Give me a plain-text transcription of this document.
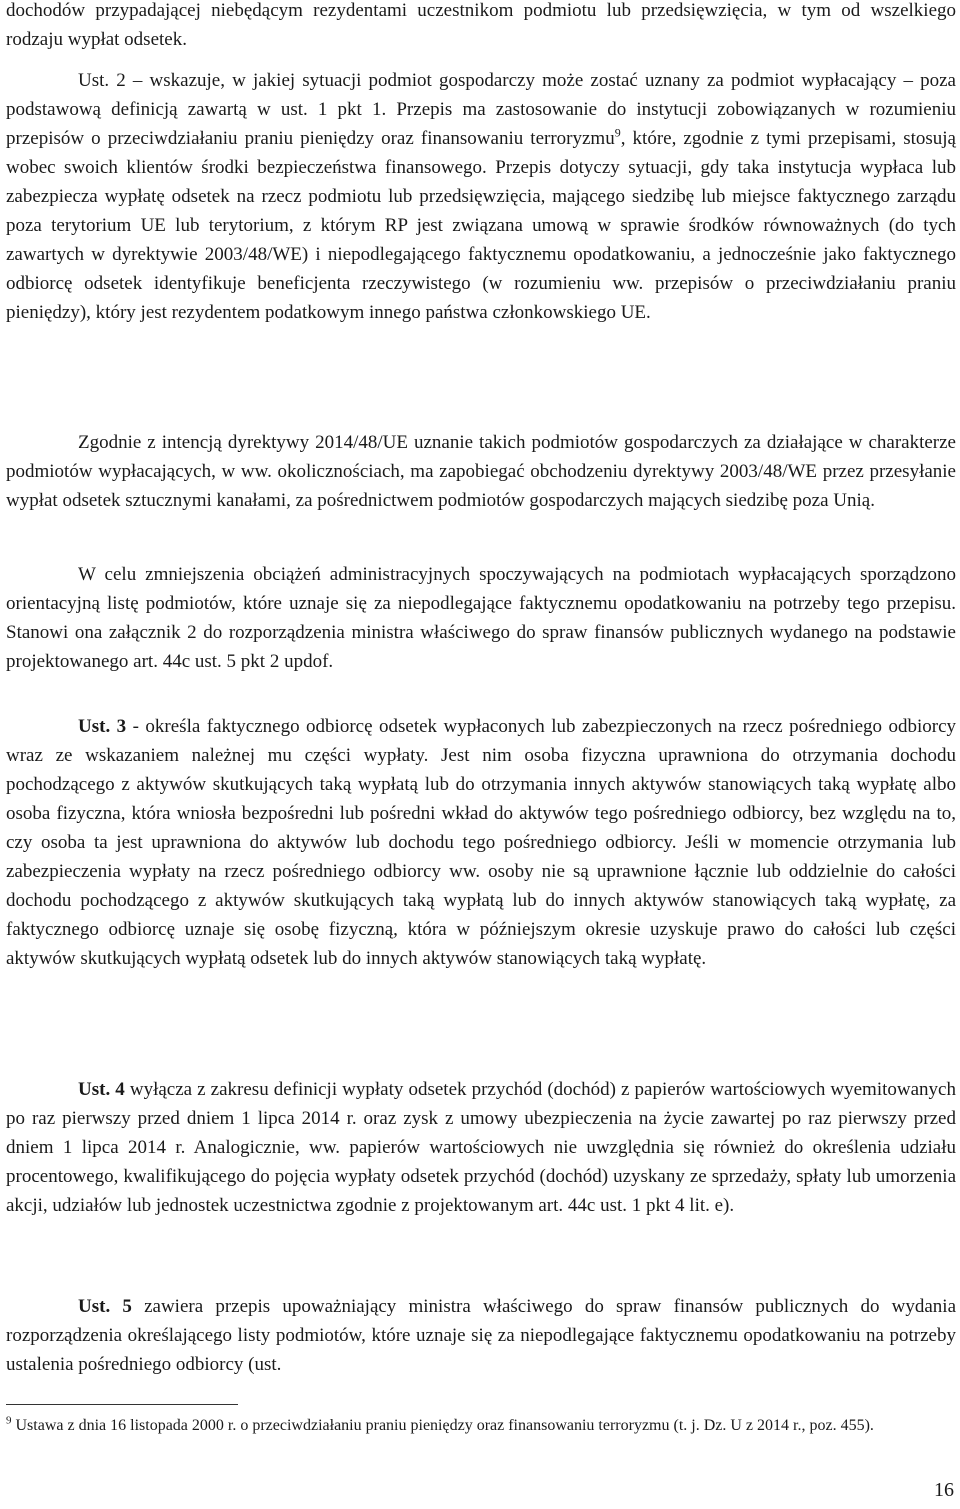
dochodów przypadającej niebędącym rezydentami uczestnikom podmiotu lub przedsięwzięcia, w tym od wszelkiego rodzaju wypłat odsetek.

Ust. 2 – wskazuje, w jakiej sytuacji podmiot gospodarczy może zostać uznany za podmiot wypłacający – poza podstawową definicją zawartą w ust. 1 pkt 1. Przepis ma zastosowanie do instytucji zobowiązanych w rozumieniu przepisów o przeciwdziałaniu praniu pieniędzy oraz finansowaniu terroryzmu$^9$, które, zgodnie z tymi przepisami, stosują wobec swoich klientów środki bezpieczeństwa finansowego. Przepis dotyczy sytuacji, gdy taka instytucja wypłaca lub zabezpiecza wypłatę odsetek na rzecz podmiotu lub przedsięwzięcia, mającego siedzibę lub miejsce faktycznego zarządu poza terytorium UE lub terytorium, z którym RP jest związana umową w sprawie środków równoważnych (do tych zawartych w dyrektywie 2003/48/WE) i niepodlegającego faktycznemu opodatkowaniu, a jednocześnie jako faktycznego odbiorcę odsetek identyfikuje beneficjenta rzeczywistego (w rozumieniu ww. przepisów o przeciwdziałaniu praniu pieniędzy), który jest rezydentem podatkowym innego państwa członkowskiego UE.

Zgodnie z intencją dyrektywy 2014/48/UE uznanie takich podmiotów gospodarczych za działające w charakterze podmiotów wypłacających, w ww. okolicznościach, ma zapobiegać obchodzeniu dyrektywy 2003/48/WE przez przesyłanie wypłat odsetek sztucznymi kanałami, za pośrednictwem podmiotów gospodarczych mających siedzibę poza Unią.

W celu zmniejszenia obciążeń administracyjnych spoczywających na podmiotach wypłacających sporządzono orientacyjną listę podmiotów, które uznaje się za niepodlegające faktycznemu opodatkowaniu na potrzeby tego przepisu. Stanowi ona załącznik 2 do rozporządzenia ministra właściwego do spraw finansów publicznych wydanego na podstawie projektowanego art. 44c ust. 5 pkt 2 updof.

Ust. 3 - określa faktycznego odbiorcę odsetek wypłaconych lub zabezpieczonych na rzecz pośredniego odbiorcy wraz ze wskazaniem należnej mu części wypłaty. Jest nim osoba fizyczna uprawniona do otrzymania dochodu pochodzącego z aktywów skutkujących taką wypłatą lub do otrzymania innych aktywów stanowiących taką wypłatę albo osoba fizyczna, która wniosła bezpośredni lub pośredni wkład do aktywów tego pośredniego odbiorcy, bez względu na to, czy osoba ta jest uprawniona do aktywów lub dochodu tego pośredniego odbiorcy. Jeśli w momencie otrzymania lub zabezpieczenia wypłaty na rzecz pośredniego odbiorcy ww. osoby nie są uprawnione łącznie lub oddzielnie do całości dochodu pochodzącego z aktywów skutkujących taką wypłatą lub do innych aktywów stanowiących taką wypłatę, za faktycznego odbiorcę uznaje się osobę fizyczną, która w późniejszym okresie uzyskuje prawo do całości lub części aktywów skutkujących wypłatą odsetek lub do innych aktywów stanowiących taką wypłatę.

Ust. 4 wyłącza z zakresu definicji wypłaty odsetek przychód (dochód) z papierów wartościowych wyemitowanych po raz pierwszy przed dniem 1 lipca 2014 r. oraz zysk z umowy ubezpieczenia na życie zawartej po raz pierwszy przed dniem 1 lipca 2014 r. Analogicznie, ww. papierów wartościowych nie uwzględnia się również do określenia udziału procentowego, kwalifikującego do pojęcia wypłaty odsetek przychód (dochód) uzyskany ze sprzedaży, spłaty lub umorzenia akcji, udziałów lub jednostek uczestnictwa zgodnie z projektowanym art. 44c ust. 1 pkt 4 lit. e).

Ust. 5 zawiera przepis upoważniający ministra właściwego do spraw finansów publicznych do wydania rozporządzenia określającego listy podmiotów, które uznaje się za niepodlegające faktycznemu opodatkowaniu na potrzeby ustalenia pośredniego odbiorcy (ust.

$^9$ Ustawa z dnia 16 listopada 2000 r. o przeciwdziałaniu praniu pieniędzy oraz finansowaniu terroryzmu (t. j. Dz. U z 2014 r., poz. 455).

16
